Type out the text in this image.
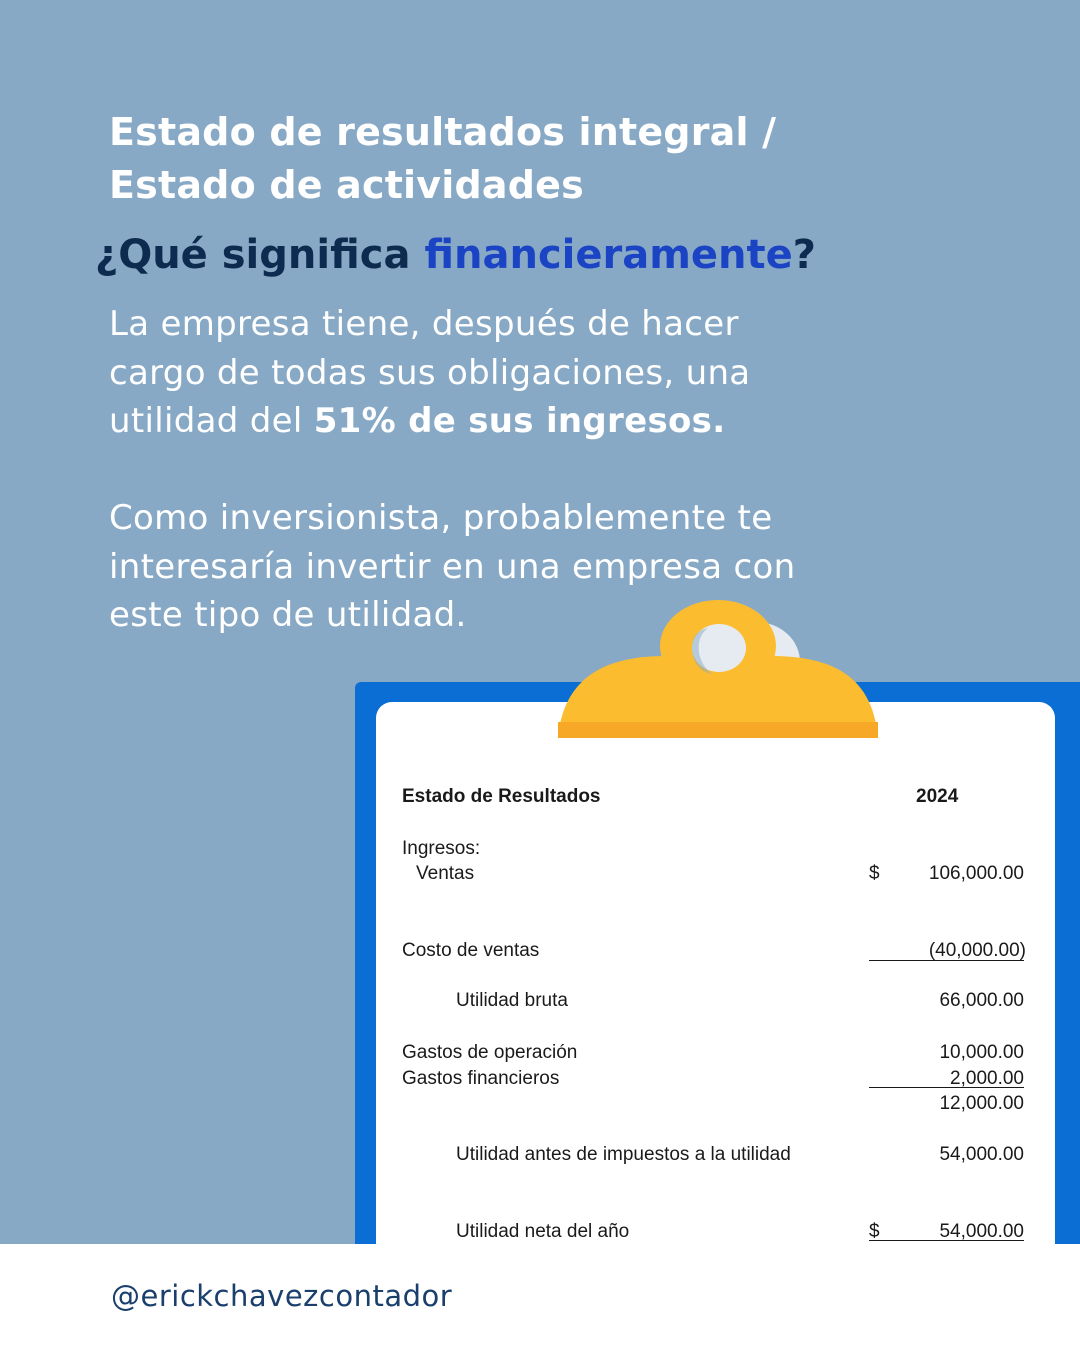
Estado de resultados integral /
Estado de actividades
¿Qué significa financieramente?

La empresa tiene, después de hacer cargo de todas sus obligaciones, una utilidad del 51% de sus ingresos.

Como inversionista, probablemente te interesaría invertir en una empresa con este tipo de utilidad.

Estado de Resultados	2024
Ingresos:
Ventas	$	106,000.00
Costo de ventas	(40,000.00)
Utilidad bruta	66,000.00
Gastos de operación	10,000.00
Gastos financieros	2,000.00
12,000.00
Utilidad antes de impuestos a la utilidad	54,000.00
Utilidad neta del año	$	54,000.00

@erickchavezcontador
